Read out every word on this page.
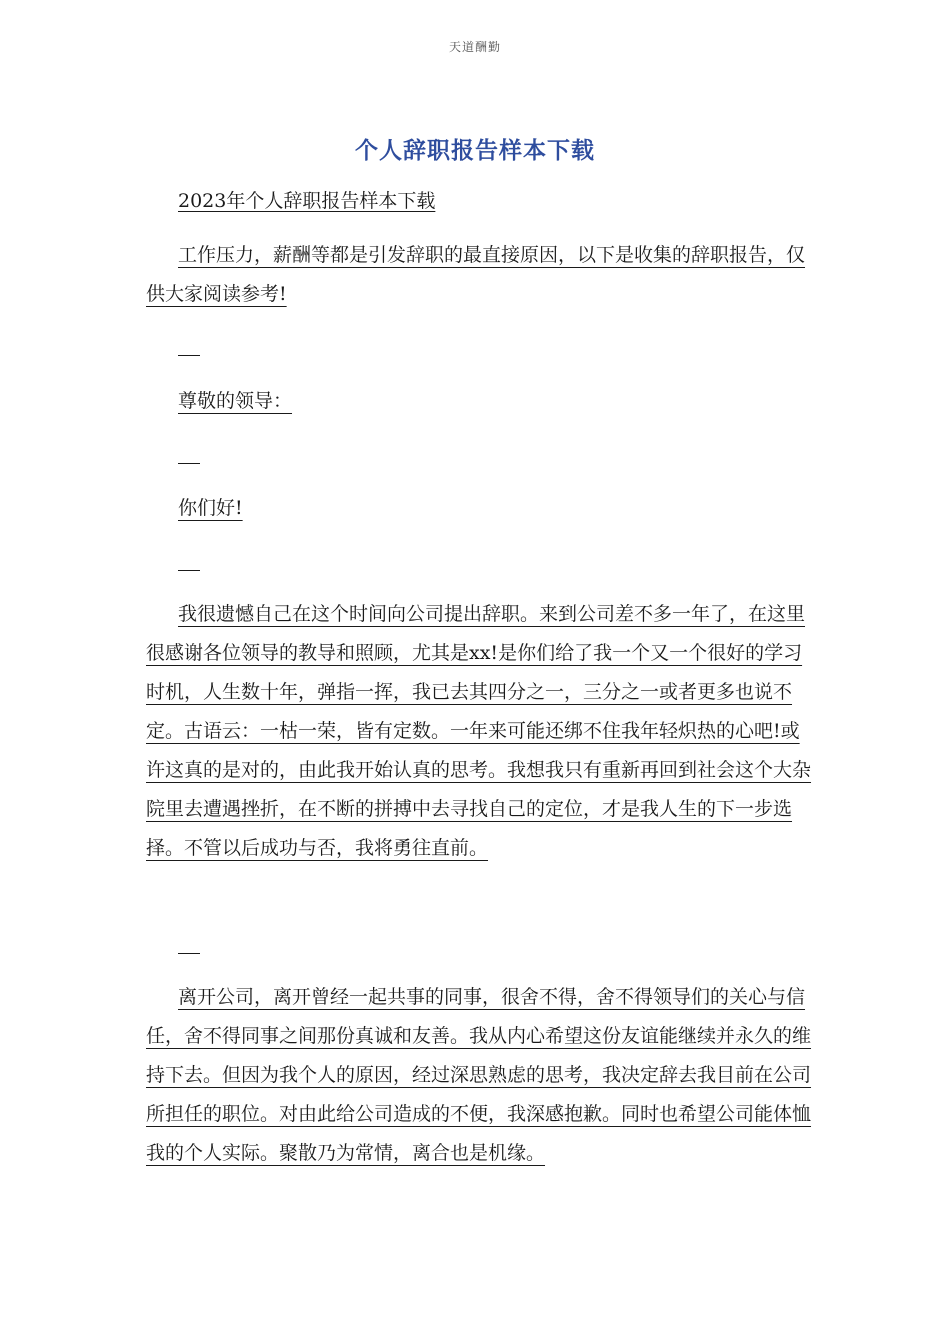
天道酬勤
个人辞职报告样本下载
2023年个人辞职报告样本下载
工作压力，薪酬等都是引发辞职的最直接原因，以下是收集的辞职报告，仅供大家阅读参考!
尊敬的领导：
你们好!
我很遗憾自己在这个时间向公司提出辞职。来到公司差不多一年了，在这里很感谢各位领导的教导和照顾，尤其是xx!是你们给了我一个又一个很好的学习时机，人生数十年，弹指一挥，我已去其四分之一，三分之一或者更多也说不定。古语云：一枯一荣，皆有定数。一年来可能还绑不住我年轻炽热的心吧!或许这真的是对的，由此我开始认真的思考。我想我只有重新再回到社会这个大杂院里去遭遇挫折，在不断的拼搏中去寻找自己的定位，才是我人生的下一步选择。不管以后成功与否，我将勇往直前。
离开公司，离开曾经一起共事的同事，很舍不得，舍不得领导们的关心与信任，舍不得同事之间那份真诚和友善。我从内心希望这份友谊能继续并永久的维持下去。但因为我个人的原因，经过深思熟虑的思考，我决定辞去我目前在公司所担任的职位。对由此给公司造成的不便，我深感抱歉。同时也希望公司能体恤我的个人实际。聚散乃为常情，离合也是机缘。
